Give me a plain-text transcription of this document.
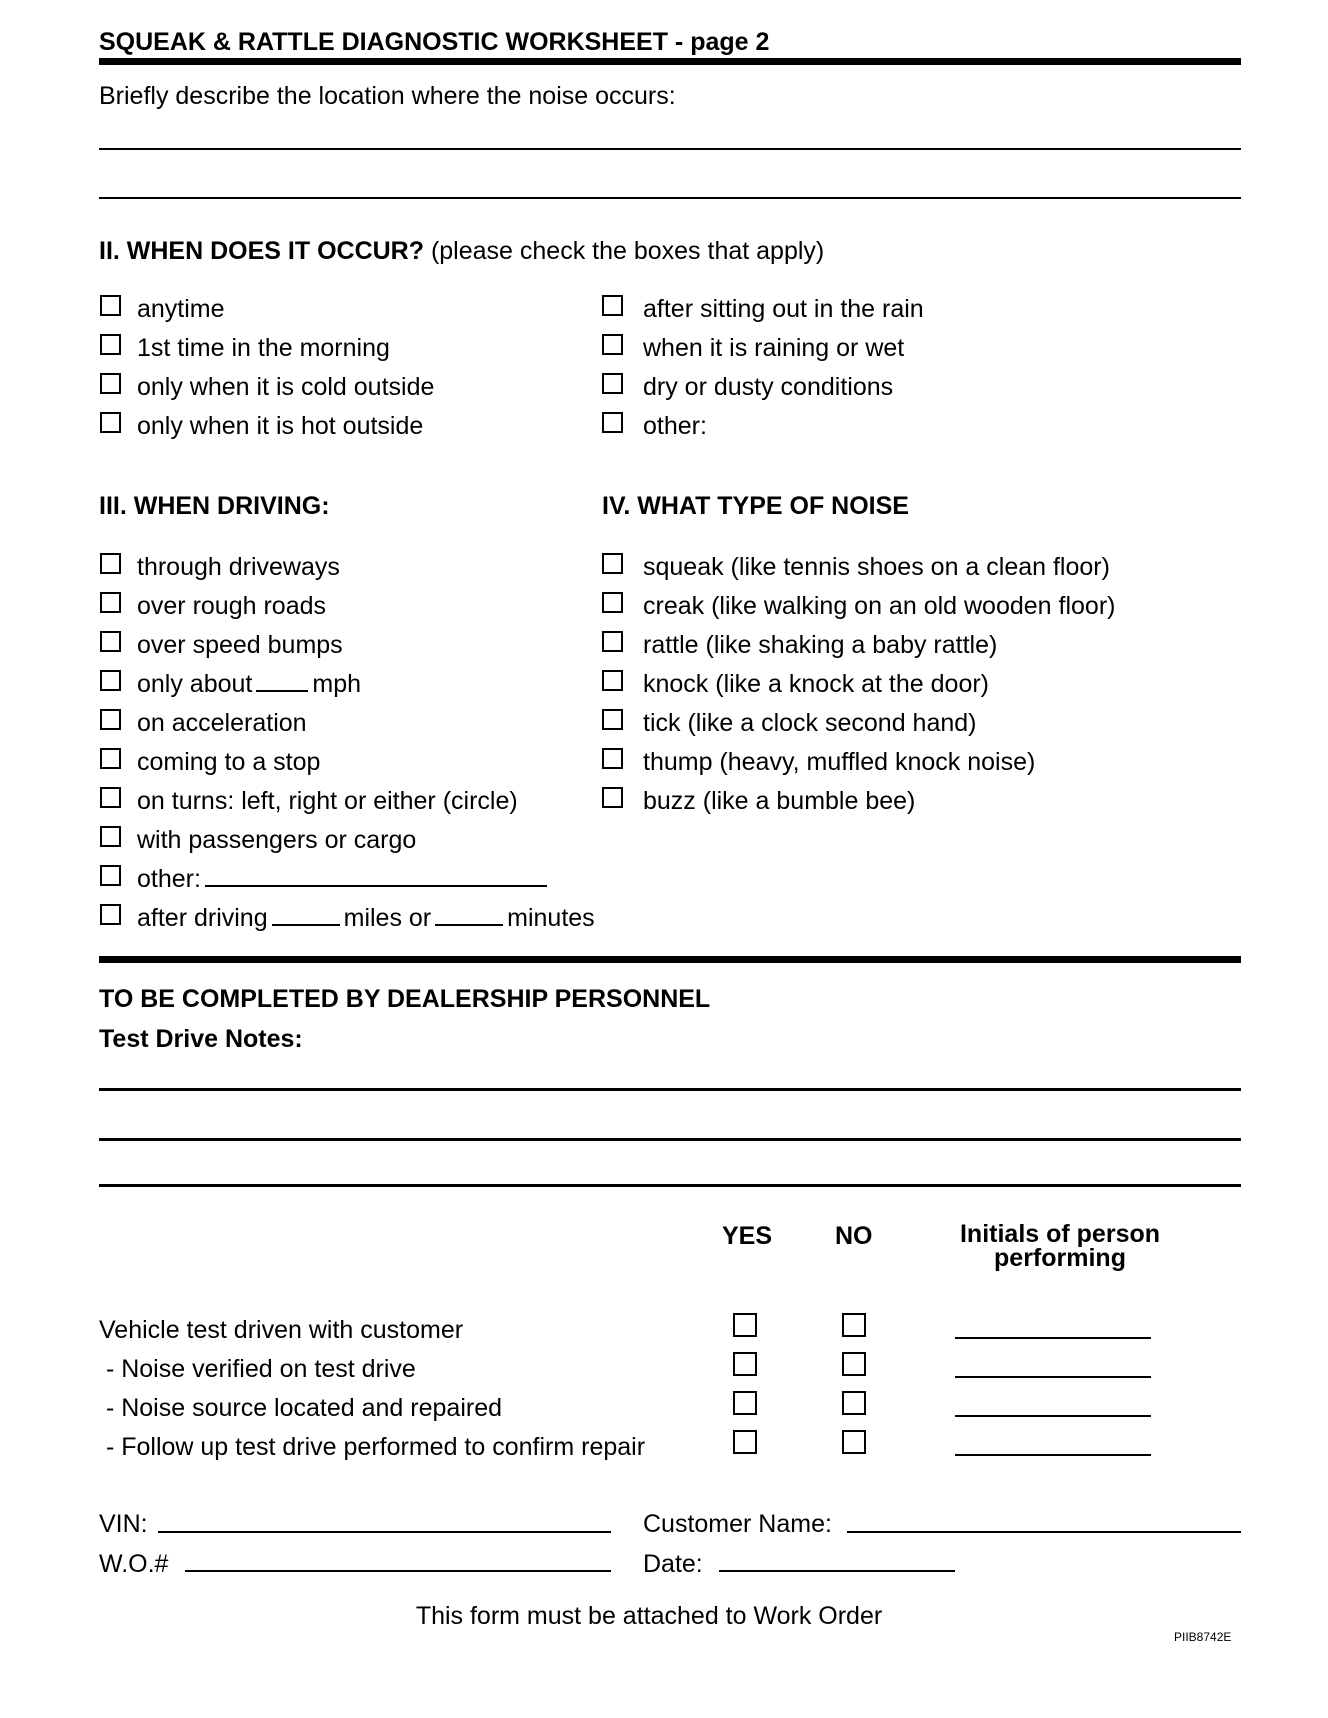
SQUEAK & RATTLE DIAGNOSTIC WORKSHEET - page 2
Briefly describe the location where the noise occurs:
II. WHEN DOES IT OCCUR? (please check the boxes that apply)
anytime
1st time in the morning
only when it is cold outside
only when it is hot outside
after sitting out in the rain
when it is raining or wet
dry or dusty conditions
other:
III. WHEN DRIVING:	IV. WHAT TYPE OF NOISE
through driveways
over rough roads
over speed bumps
only about mph
on acceleration
coming to a stop
on turns: left, right or either (circle)
with passengers or cargo
other:
after driving	miles or	minutes
squeak (like tennis shoes on a clean floor)
creak (like walking on an old wooden floor)
rattle (like shaking a baby rattle)
knock (like a knock at the door)
tick (like a clock second hand)
thump (heavy, muffled knock noise)
buzz (like a bumble bee)
TO BE COMPLETED BY DEALERSHIP PERSONNEL
Test Drive Notes:
YES	NO	Initials of person
performing
Vehicle test driven with customer
- Noise verified on test drive
- Noise source located and repaired
- Follow up test drive performed to confirm repair
VIN:	Customer Name:
W.O.#	Date:
This form must be attached to Work Order
PIIB8742E
